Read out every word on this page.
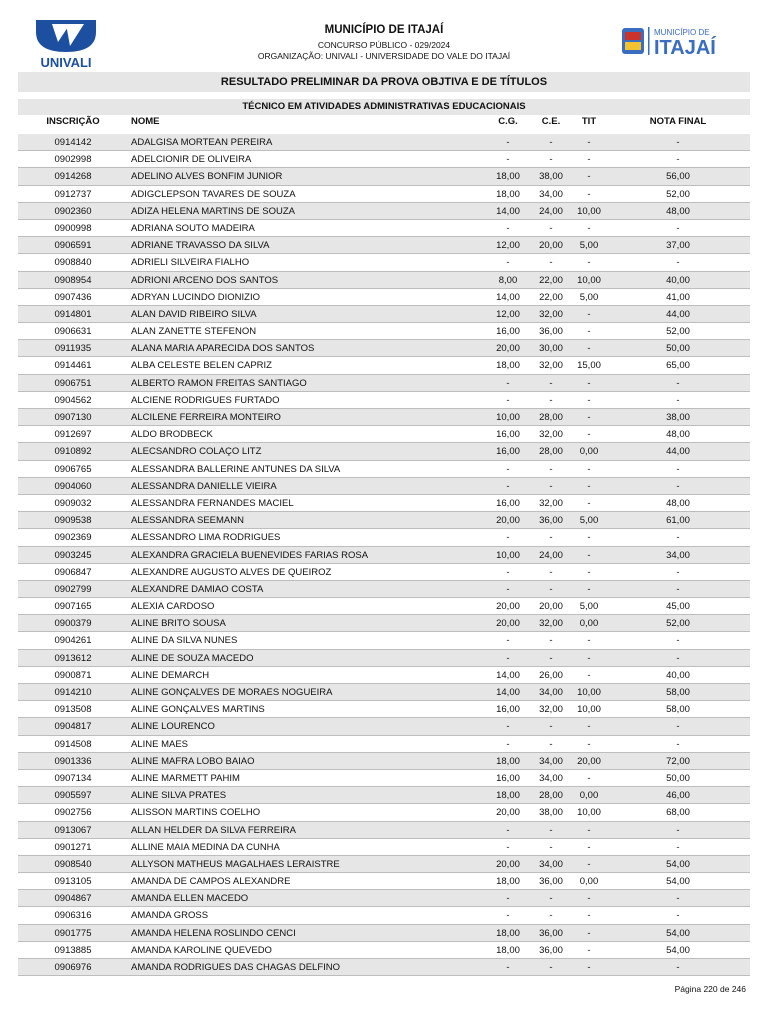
UNIVALI
MUNICÍPIO DE ITAJAÍ
CONCURSO PÚBLICO - 029/2024
ORGANIZAÇÃO: UNIVALI - UNIVERSIDADE DO VALE DO ITAJAÍ
MUNICÍPIO DE
ITAJAÍ
RESULTADO PRELIMINAR DA PROVA OBJTIVA E DE TÍTULOS
TÉCNICO EM ATIVIDADES ADMINISTRATIVAS EDUCACIONAIS
INSCRIÇÃO	NOME	C.G.	C.E.	TIT	NOTA FINAL
0914142	ADALGISA MORTEAN PEREIRA	-	-	-	-
0902998	ADELCIONIR DE OLIVEIRA	-	-	-	-
0914268	ADELINO ALVES BONFIM JUNIOR	18,00	38,00	-	56,00
0912737	ADIGCLEPSON TAVARES DE SOUZA	18,00	34,00	-	52,00
0902360	ADIZA HELENA MARTINS DE SOUZA	14,00	24,00	10,00	48,00
0900998	ADRIANA SOUTO MADEIRA	-	-	-	-
0906591	ADRIANE TRAVASSO DA SILVA	12,00	20,00	5,00	37,00
0908840	ADRIELI SILVEIRA FIALHO	-	-	-	-
0908954	ADRIONI ARCENO DOS SANTOS	8,00	22,00	10,00	40,00
0907436	ADRYAN LUCINDO DIONIZIO	14,00	22,00	5,00	41,00
0914801	ALAN DAVID RIBEIRO SILVA	12,00	32,00	-	44,00
0906631	ALAN ZANETTE STEFENON	16,00	36,00	-	52,00
0911935	ALANA MARIA APARECIDA DOS SANTOS	20,00	30,00	-	50,00
0914461	ALBA CELESTE BELEN CAPRIZ	18,00	32,00	15,00	65,00
0906751	ALBERTO RAMON FREITAS SANTIAGO	-	-	-	-
0904562	ALCIENE RODRIGUES FURTADO	-	-	-	-
0907130	ALCILENE FERREIRA MONTEIRO	10,00	28,00	-	38,00
0912697	ALDO BRODBECK	16,00	32,00	-	48,00
0910892	ALECSANDRO COLAÇO LITZ	16,00	28,00	0,00	44,00
0906765	ALESSANDRA BALLERINE ANTUNES DA SILVA	-	-	-	-
0904060	ALESSANDRA DANIELLE VIEIRA	-	-	-	-
0909032	ALESSANDRA FERNANDES MACIEL	16,00	32,00	-	48,00
0909538	ALESSANDRA SEEMANN	20,00	36,00	5,00	61,00
0902369	ALESSANDRO LIMA RODRIGUES	-	-	-	-
0903245	ALEXANDRA GRACIELA BUENEVIDES FARIAS ROSA	10,00	24,00	-	34,00
0906847	ALEXANDRE AUGUSTO ALVES DE QUEIROZ	-	-	-	-
0902799	ALEXANDRE DAMIAO COSTA	-	-	-	-
0907165	ALEXIA CARDOSO	20,00	20,00	5,00	45,00
0900379	ALINE BRITO SOUSA	20,00	32,00	0,00	52,00
0904261	ALINE DA SILVA NUNES	-	-	-	-
0913612	ALINE DE SOUZA MACEDO	-	-	-	-
0900871	ALINE DEMARCH	14,00	26,00	-	40,00
0914210	ALINE GONÇALVES DE MORAES NOGUEIRA	14,00	34,00	10,00	58,00
0913508	ALINE GONÇALVES MARTINS	16,00	32,00	10,00	58,00
0904817	ALINE LOURENCO	-	-	-	-
0914508	ALINE MAES	-	-	-	-
0901336	ALINE MAFRA LOBO BAIAO	18,00	34,00	20,00	72,00
0907134	ALINE MARMETT PAHIM	16,00	34,00	-	50,00
0905597	ALINE SILVA PRATES	18,00	28,00	0,00	46,00
0902756	ALISSON MARTINS COELHO	20,00	38,00	10,00	68,00
0913067	ALLAN HELDER DA SILVA FERREIRA	-	-	-	-
0901271	ALLINE MAIA MEDINA DA CUNHA	-	-	-	-
0908540	ALLYSON MATHEUS MAGALHAES LERAISTRE	20,00	34,00	-	54,00
0913105	AMANDA DE CAMPOS ALEXANDRE	18,00	36,00	0,00	54,00
0904867	AMANDA ELLEN MACEDO	-	-	-	-
0906316	AMANDA GROSS	-	-	-	-
0901775	AMANDA HELENA ROSLINDO CENCI	18,00	36,00	-	54,00
0913885	AMANDA KAROLINE QUEVEDO	18,00	36,00	-	54,00
0906976	AMANDA RODRIGUES DAS CHAGAS DELFINO	-	-	-	-
Página 220 de 246
